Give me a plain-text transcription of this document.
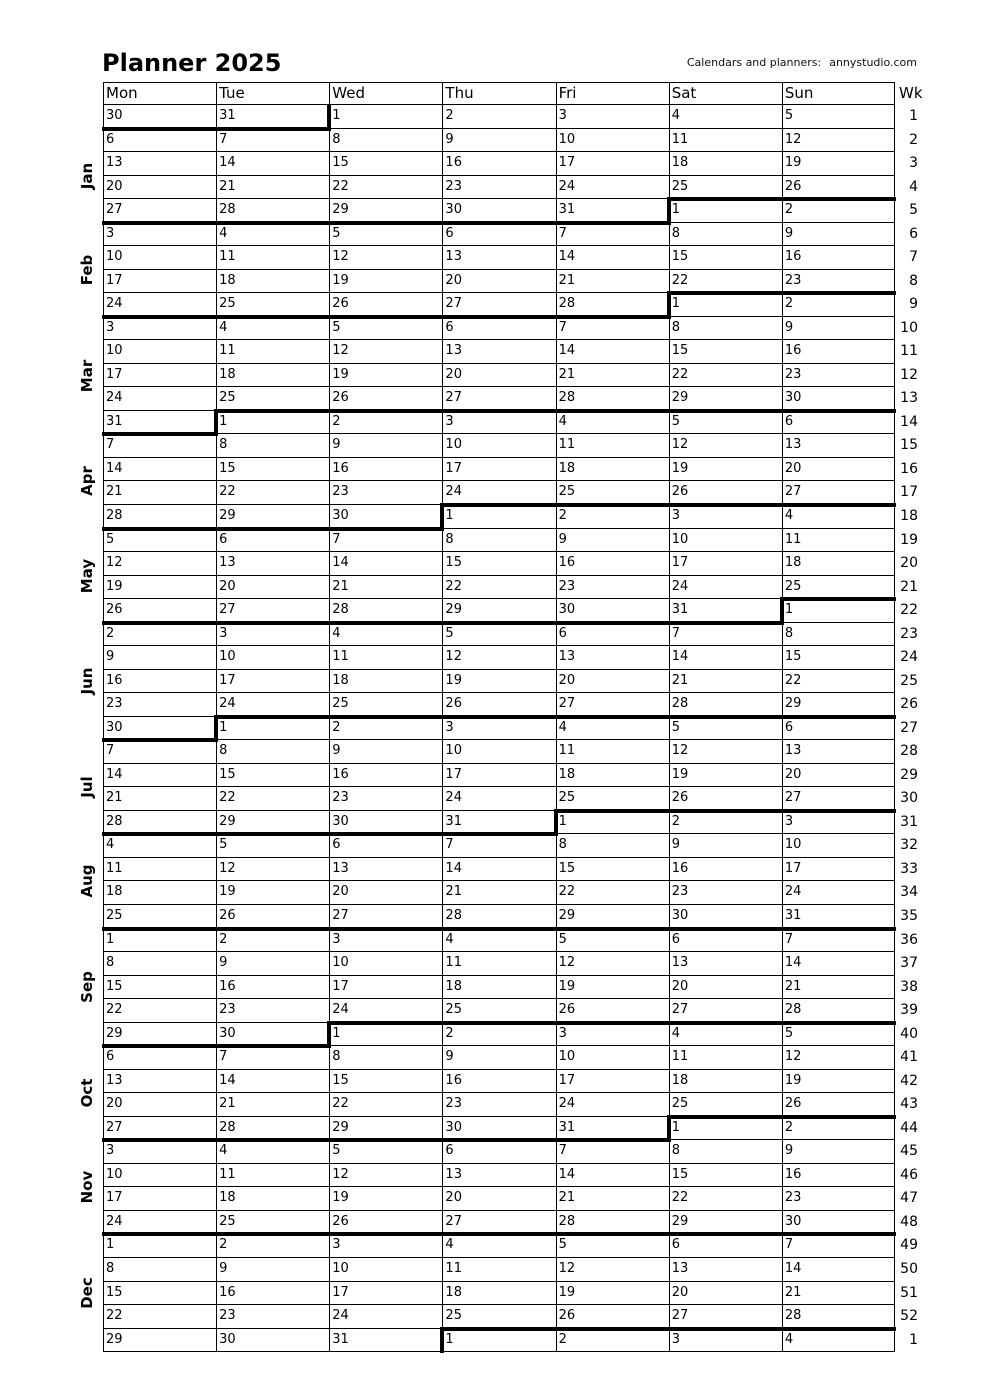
Planner 2025	Calendars and planners: annystudio.com
Jan
Feb
Mar
Apr
May
Jun
Jul
Aug
Sep
Oct
Nov
Dec
Mon	Tue	Wed	Thu	Fri	Sat	Sun	Wk
30	31	1	2	3	4	5	1
6	7	8	9	10	11	12	2
13	14	15	16	17	18	19	3
20	21	22	23	24	25	26	4
27	28	29	30	31	1	2	5
3	4	5	6	7	8	9	6
10	11	12	13	14	15	16	7
17	18	19	20	21	22	23	8
24	25	26	27	28	1	2	9
3	4	5	6	7	8	9	10
10	11	12	13	14	15	16	11
17	18	19	20	21	22	23	12
24	25	26	27	28	29	30	13
31	1	2	3	4	5	6	14
7	8	9	10	11	12	13	15
14	15	16	17	18	19	20	16
21	22	23	24	25	26	27	17
28	29	30	1	2	3	4	18
5	6	7	8	9	10	11	19
12	13	14	15	16	17	18	20
19	20	21	22	23	24	25	21
26	27	28	29	30	31	1	22
2	3	4	5	6	7	8	23
9	10	11	12	13	14	15	24
16	17	18	19	20	21	22	25
23	24	25	26	27	28	29	26
30	1	2	3	4	5	6	27
7	8	9	10	11	12	13	28
14	15	16	17	18	19	20	29
21	22	23	24	25	26	27	30
28	29	30	31	1	2	3	31
4	5	6	7	8	9	10	32
11	12	13	14	15	16	17	33
18	19	20	21	22	23	24	34
25	26	27	28	29	30	31	35
1	2	3	4	5	6	7	36
8	9	10	11	12	13	14	37
15	16	17	18	19	20	21	38
22	23	24	25	26	27	28	39
29	30	1	2	3	4	5	40
6	7	8	9	10	11	12	41
13	14	15	16	17	18	19	42
20	21	22	23	24	25	26	43
27	28	29	30	31	1	2	44
3	4	5	6	7	8	9	45
10	11	12	13	14	15	16	46
17	18	19	20	21	22	23	47
24	25	26	27	28	29	30	48
1	2	3	4	5	6	7	49
8	9	10	11	12	13	14	50
15	16	17	18	19	20	21	51
22	23	24	25	26	27	28	52
29	30	31	1	2	3	4	1
